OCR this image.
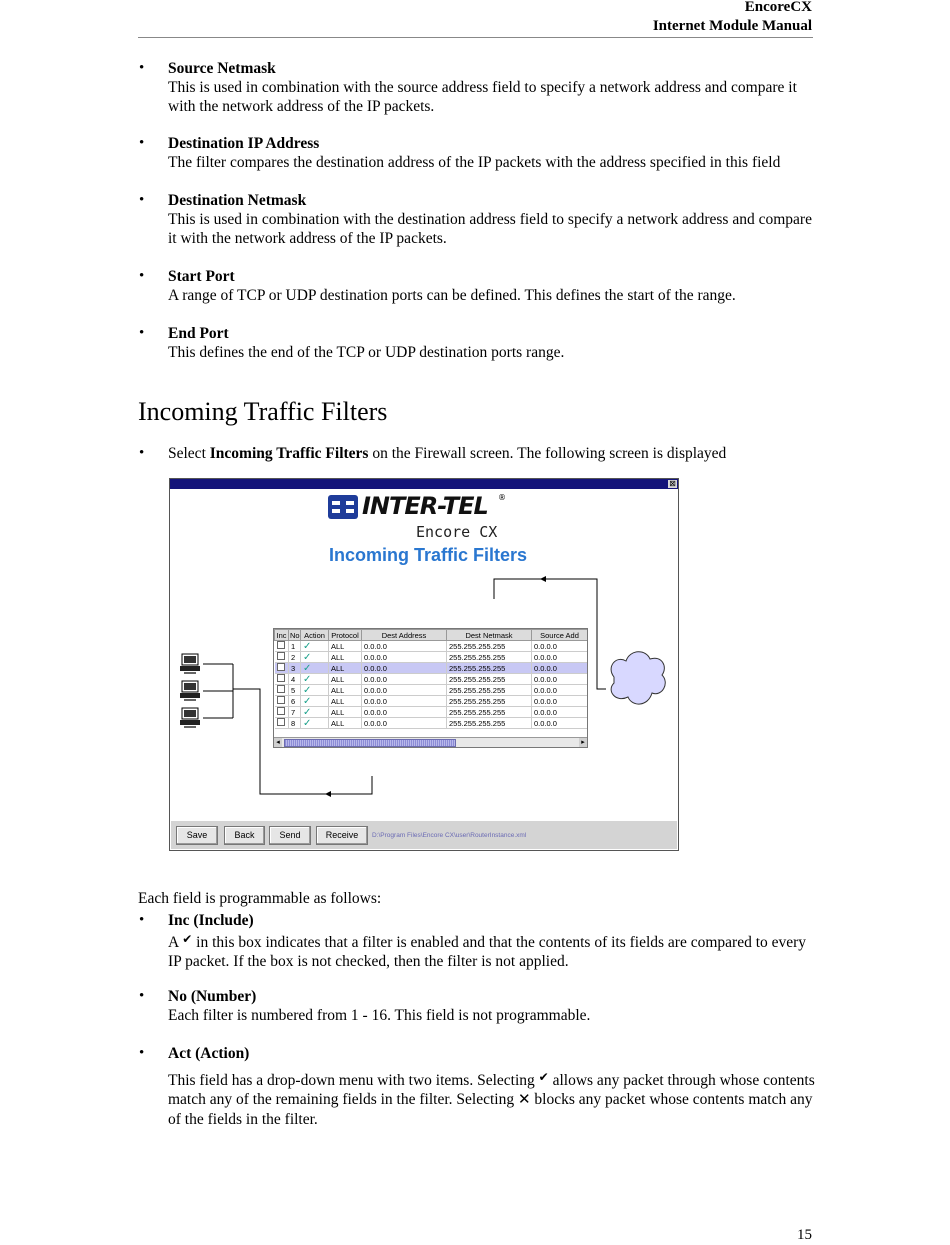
EncoreCX
Internet Module Manual
• Source Netmask
This is used in combination with the source address field to specify a network address and compare it with the network address of the IP packets.
• Destination IP Address
The filter compares the destination address of the IP packets with the address specified in this field
• Destination Netmask
This is used in combination with the destination address field to specify a network address and compare it with the network address of the IP packets.
• Start Port
A range of TCP or UDP destination ports can be defined. This defines the start of the range.
• End Port
This defines the end of the TCP or UDP destination ports range.
Incoming Traffic Filters
• Select Incoming Traffic Filters on the Firewall screen. The following screen is displayed
⊠
INTER-TEL ®
Encore CX
Incoming Traffic Filters
Inc	No	Action	Protocol	Dest Address	Dest Netmask	Source Add
	1	✓	ALL	0.0.0.0	255.255.255.255	0.0.0.0
	2	✓	ALL	0.0.0.0	255.255.255.255	0.0.0.0
	3	✓	ALL	0.0.0.0	255.255.255.255	0.0.0.0
	4	✓	ALL	0.0.0.0	255.255.255.255	0.0.0.0
	5	✓	ALL	0.0.0.0	255.255.255.255	0.0.0.0
	6	✓	ALL	0.0.0.0	255.255.255.255	0.0.0.0
	7	✓	ALL	0.0.0.0	255.255.255.255	0.0.0.0
	8	✓	ALL	0.0.0.0	255.255.255.255	0.0.0.0
◂	▸
Save	Back	Send	Receive	D:\Program Files\Encore CX\user\RouterInstance.xml
Each field is programmable as follows:
• Inc (Include)
A ✔ in this box indicates that a filter is enabled and that the contents of its fields are compared to every IP packet. If the box is not checked, then the filter is not applied.
• No (Number)
Each filter is numbered from 1 - 16. This field is not programmable.
• Act (Action)
This field has a drop-down menu with two items. Selecting ✔ allows any packet through whose contents match any of the remaining fields in the filter. Selecting ✕ blocks any packet whose contents match any of the fields in the filter.
15
